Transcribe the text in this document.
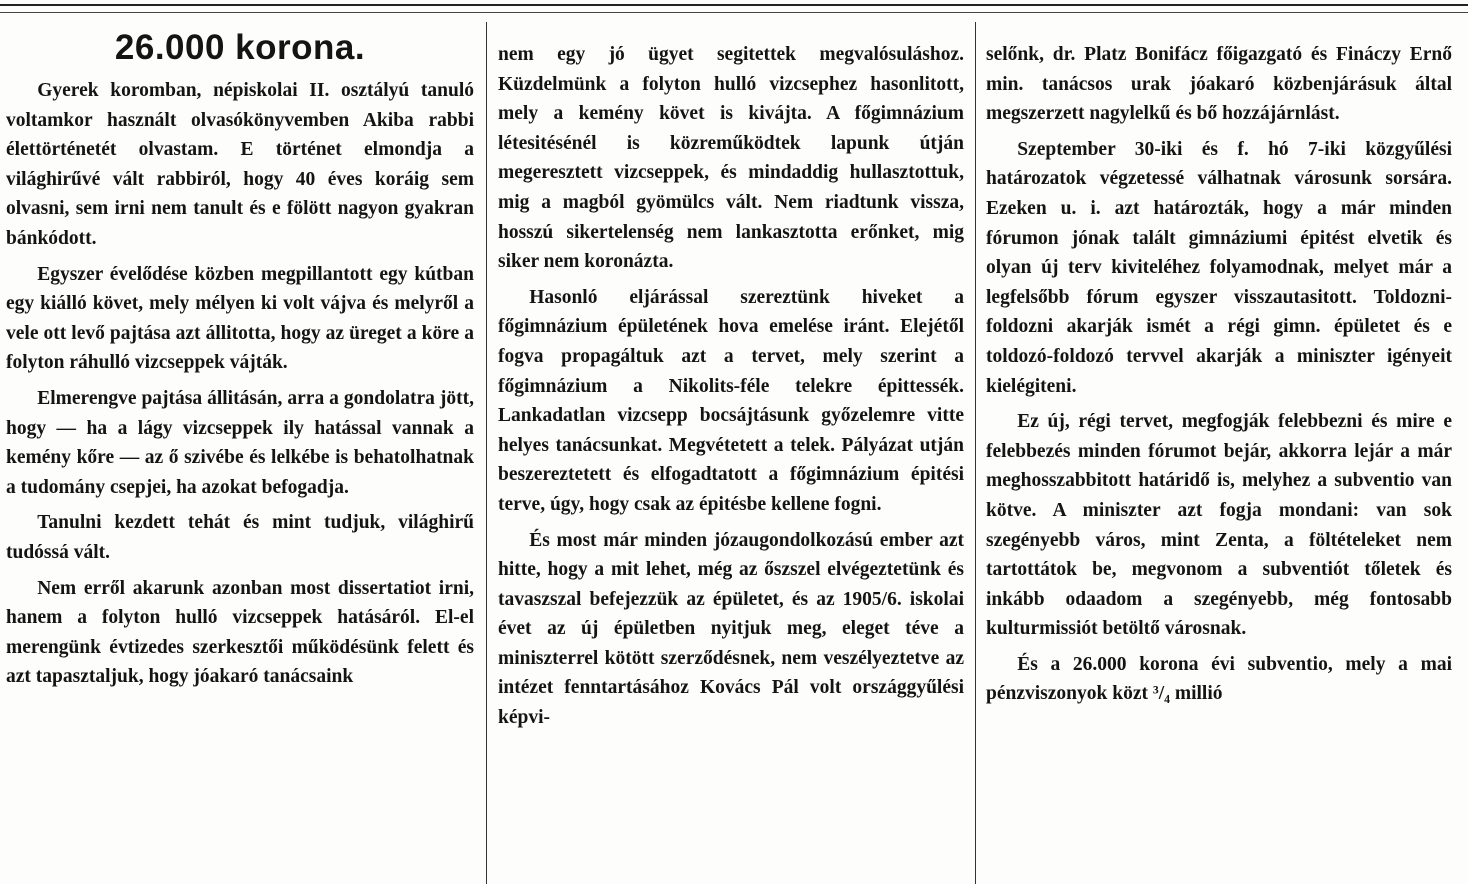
26.000 korona.

Gyerek koromban, népiskolai II. osztályú tanuló voltamkor használt olvasókönyvemben Akiba rabbi élettörténetét olvastam. E történet elmondja a világhirűvé vált rabbiról, hogy 40 éves koráig sem olvasni, sem irni nem tanult és e fölött nagyon gyakran bánkódott.

Egyszer évelődése közben megpillantott egy kútban egy kiálló követ, mely mélyen ki volt vájva és melyről a vele ott levő pajtása azt állitotta, hogy az üreget a köre a folyton ráhulló vizcseppek vájták.

Elmerengve pajtása állitásán, arra a gondolatra jött, hogy — ha a lágy vizcseppek ily hatással vannak a kemény kőre — az ő szivébe és lelkébe is behatolhatnak a tudomány csepjei, ha azokat befogadja.

Tanulni kezdett tehát és mint tudjuk, világhirű tudóssá vált.

Nem erről akarunk azonban most dissertatiot irni, hanem a folyton hulló vizcseppek hatásáról. El-el merengünk évtizedes szerkesztői működésünk felett és azt tapasztaljuk, hogy jóakaró tanácsaink

nem egy jó ügyet segitettek megvalósuláshoz. Küzdelmünk a folyton hulló vizcsephez hasonlitott, mely a kemény követ is kivájta. A főgimnázium létesitésénél is közreműködtek lapunk útján megeresztett vizcseppek, és mindaddig hullasztottuk, mig a magból gyömülcs vált. Nem riadtunk vissza, hosszú sikertelenség nem lankasztotta erőnket, mig siker nem koronázta.

Hasonló eljárással szereztünk hiveket a főgimnázium épületének hova emelése iránt. Elejétől fogva propagáltuk azt a tervet, mely szerint a főgimnázium a Nikolits-féle telekre épittessék. Lankadatlan vizcsepp bocsájtásunk győzelemre vitte helyes tanácsunkat. Megvétetett a telek. Pályázat utján beszereztetett és elfogadtatott a főgimnázium épitési terve, úgy, hogy csak az épitésbe kellene fogni.

És most már minden józaugondolkozású ember azt hitte, hogy a mit lehet, még az őszszel elvégeztetünk és tavaszszal befejezzük az épületet, és az 1905/6. iskolai évet az új épületben nyitjuk meg, eleget téve a miniszterrel kötött szerződésnek, nem veszélyeztetve az intézet fenntartásához Kovács Pál volt országgyűlési képvi-

selőnk, dr. Platz Bonifácz főigazgató és Fináczy Ernő min. tanácsos urak jóakaró közbenjárásuk által megszerzett nagylelkű és bő hozzájárnlást.

Szeptember 30-iki és f. hó 7-iki közgyűlési határozatok végzetessé válhatnak városunk sorsára. Ezeken u. i. azt határozták, hogy a már minden fórumon jónak talált gimnáziumi épitést elvetik és olyan új terv kiviteléhez folyamodnak, melyet már a legfelsőbb fórum egyszer visszautasitott. Toldozni-foldozni akarják ismét a régi gimn. épületet és e toldozó-foldozó tervvel akarják a miniszter igényeit kielégiteni.

Ez új, régi tervet, megfogják felebbezni és mire e felebbezés minden fórumot bejár, akkorra lejár a már meghosszabbitott határidő is, melyhez a subventio van kötve. A miniszter azt fogja mondani: van sok szegényebb város, mint Zenta, a föltételeket nem tartottátok be, megvonom a subventiót tőletek és inkább odaadom a szegényebb, még fontosabb kulturmissiót betöltő városnak.

És a 26.000 korona évi subventio, mely a mai pénzviszonyok közt ³/₄ millió
